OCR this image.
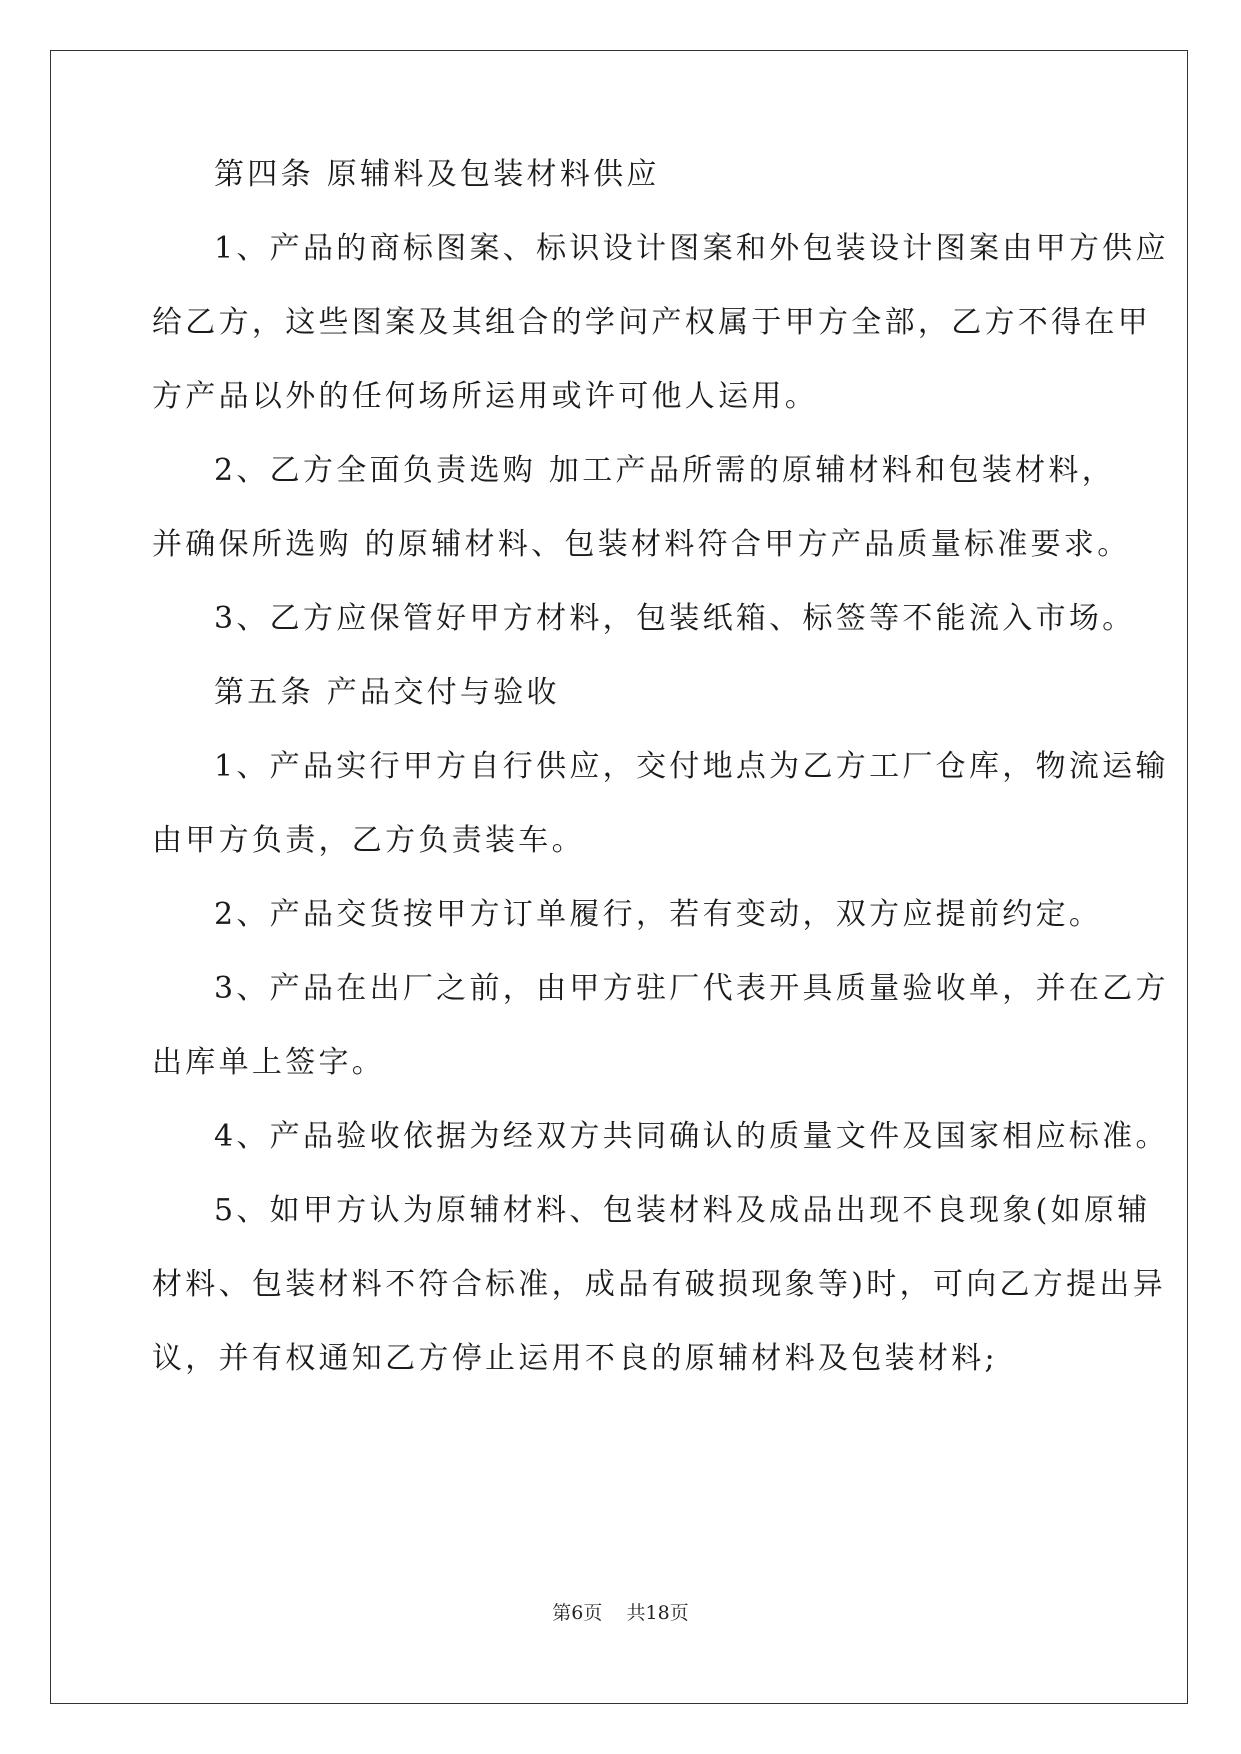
第四条 原辅料及包装材料供应
1、产品的商标图案、标识设计图案和外包装设计图案由甲方供应
给乙方，这些图案及其组合的学问产权属于甲方全部，乙方不得在甲
方产品以外的任何场所运用或许可他人运用。
2、乙方全面负责选购 加工产品所需的原辅材料和包装材料，
并确保所选购 的原辅材料、包装材料符合甲方产品质量标准要求。
3、乙方应保管好甲方材料，包装纸箱、标签等不能流入市场。
第五条 产品交付与验收
1、产品实行甲方自行供应，交付地点为乙方工厂仓库，物流运输
由甲方负责，乙方负责装车。
2、产品交货按甲方订单履行，若有变动，双方应提前约定。
3、产品在出厂之前，由甲方驻厂代表开具质量验收单，并在乙方
出库单上签字。
4、产品验收依据为经双方共同确认的质量文件及国家相应标准。
5、如甲方认为原辅材料、包装材料及成品出现不良现象(如原辅
材料、包装材料不符合标准，成品有破损现象等)时，可向乙方提出异
议，并有权通知乙方停止运用不良的原辅材料及包装材料;
第6页 共18页
